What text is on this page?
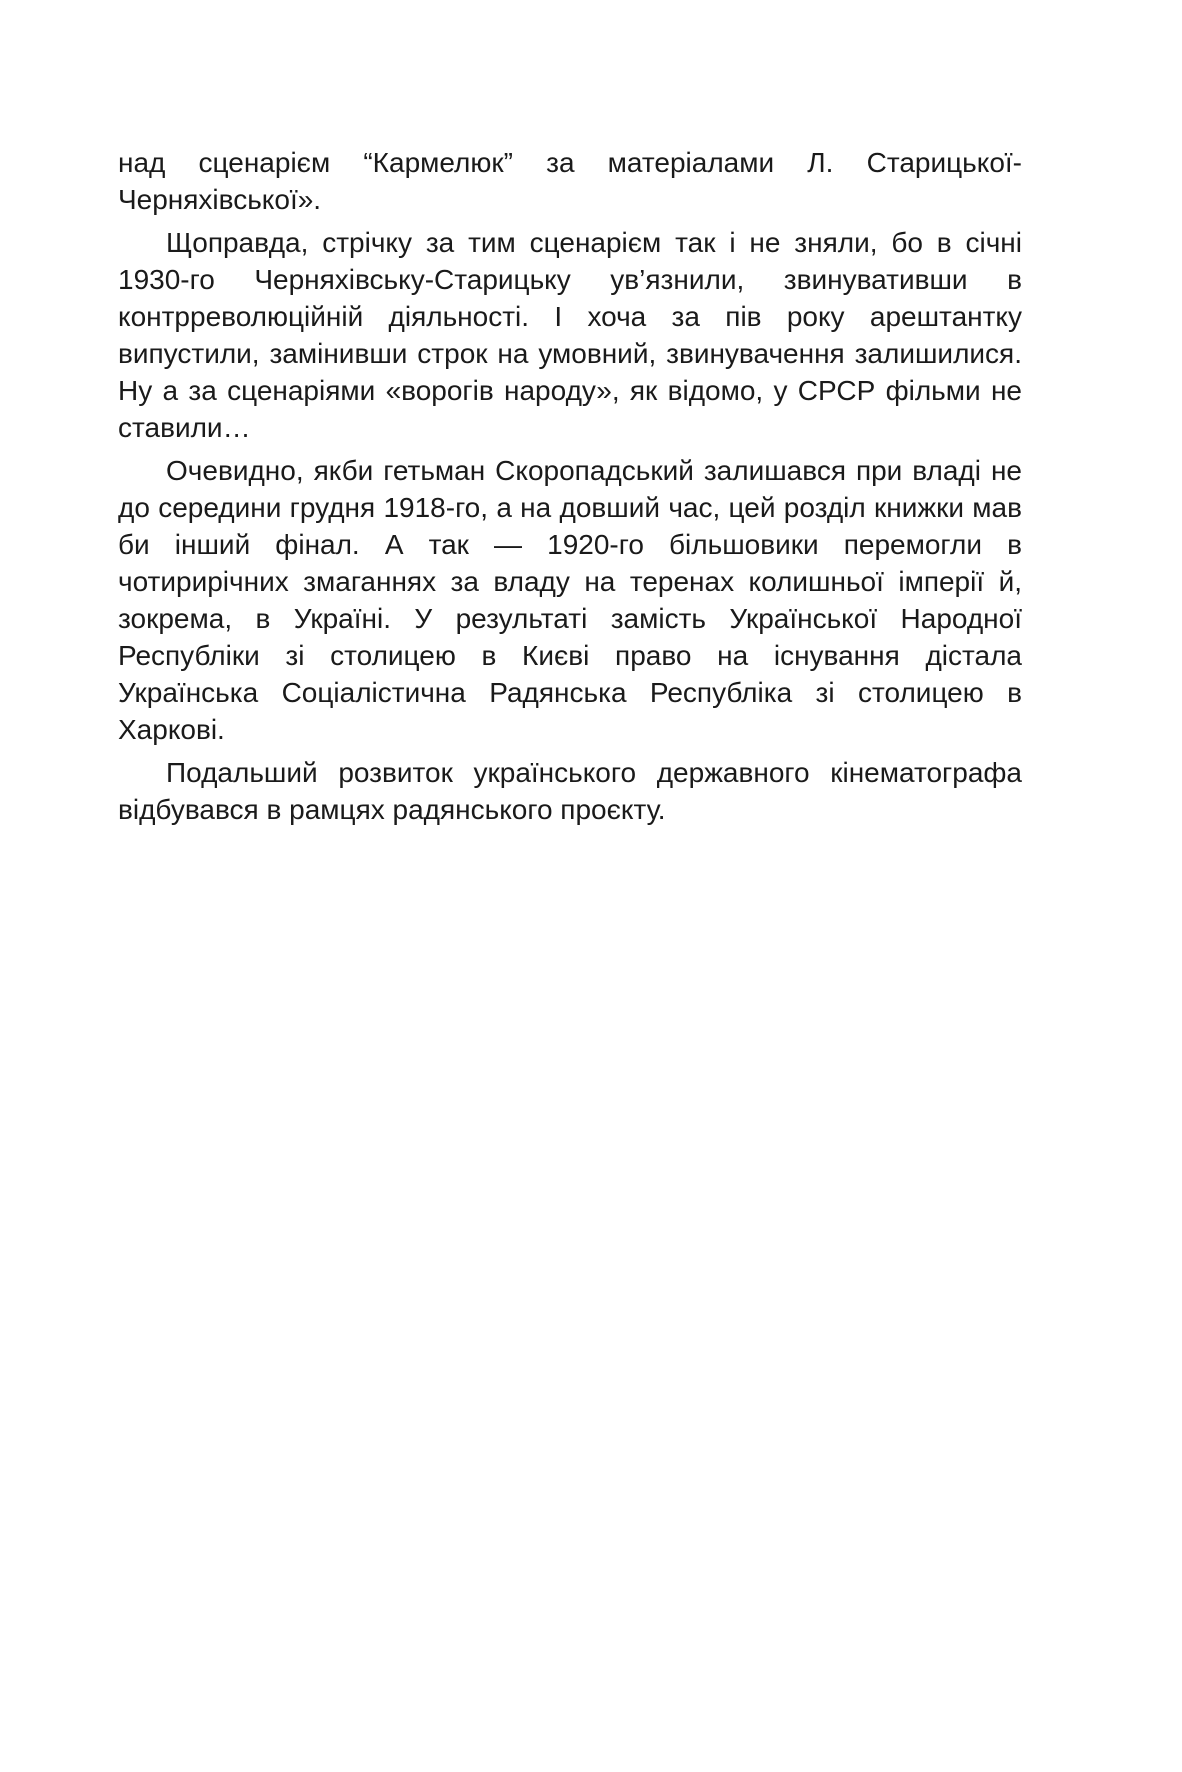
над сценарієм “Кармелюк” за матеріалами Л. Старицької-Черняхівської».

Щоправда, стрічку за тим сценарієм так і не зняли, бо в січні 1930-го Черняхівську-Старицьку ув’язнили, звинувативши в контрреволюційній діяльності. І хоча за пів року арештантку випустили, замінивши строк на умовний, звинувачення залишилися. Ну а за сценаріями «ворогів народу», як відомо, у СРСР фільми не ставили…

Очевидно, якби гетьман Скоропадський залишався при владі не до середини грудня 1918-го, а на довший час, цей розділ книжки мав би інший фінал. А так — 1920-го більшовики перемогли в чотирирічних змаганнях за владу на теренах колишньої імперії й, зокрема, в Україні. У результаті замість Української Народної Республіки зі столицею в Києві право на існування дістала Українська Соціалістична Радянська Республіка зі столицею в Харкові.

Подальший розвиток українського державного кінематографа відбувався в рамцях радянського проєкту.
